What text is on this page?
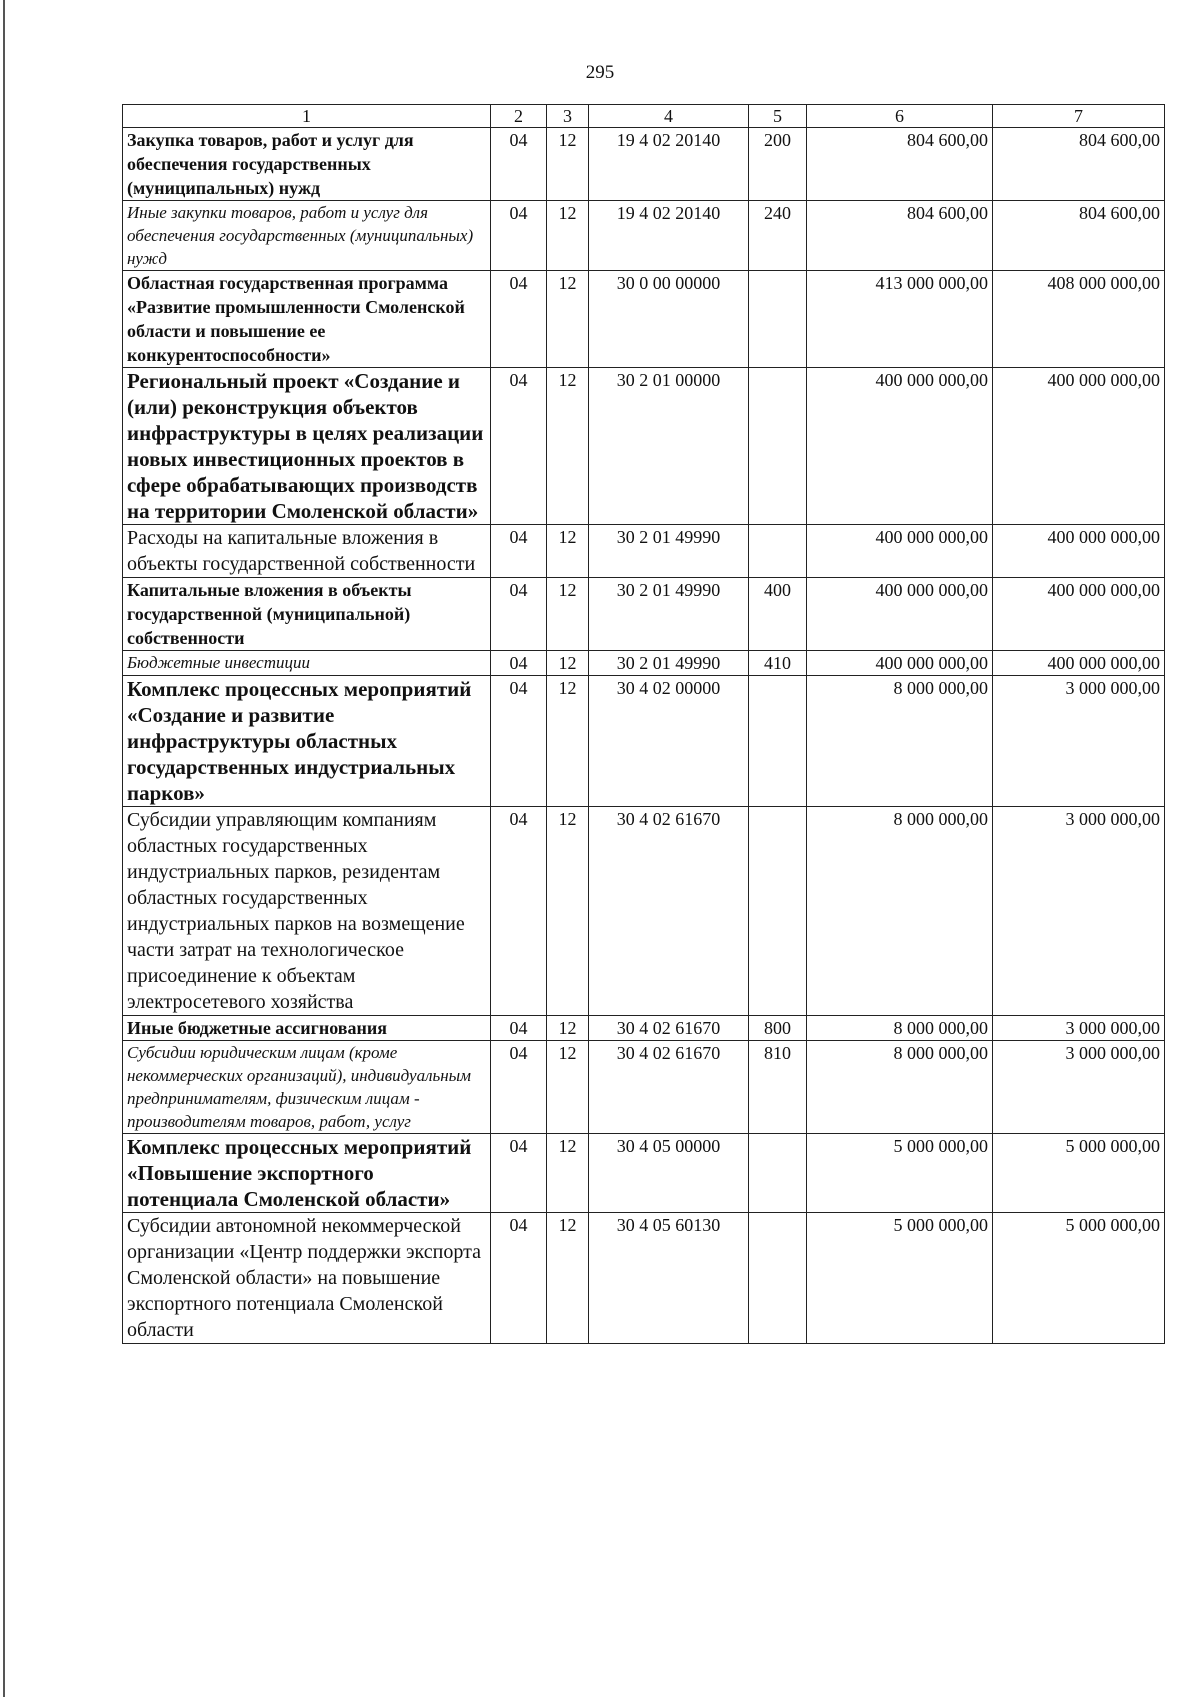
295
1	2	3	4	5	6	7
Закупка товаров, работ и услуг для обеспечения государственных (муниципальных) нужд	04	12	19 4 02 20140	200	804 600,00	804 600,00
Иные закупки товаров, работ и услуг для обеспечения государственных (муниципальных) нужд	04	12	19 4 02 20140	240	804 600,00	804 600,00
Областная государственная программа «Развитие промышленности Смоленской области и повышение ее конкурентоспособности»	04	12	30 0 00 00000		413 000 000,00	408 000 000,00
Региональный проект «Создание и (или) реконструкция объектов инфраструктуры в целях реализации новых инвестиционных проектов в сфере обрабатывающих производств на территории Смоленской области»	04	12	30 2 01 00000		400 000 000,00	400 000 000,00
Расходы на капитальные вложения в объекты государственной собственности	04	12	30 2 01 49990		400 000 000,00	400 000 000,00
Капитальные вложения в объекты государственной (муниципальной) собственности	04	12	30 2 01 49990	400	400 000 000,00	400 000 000,00
Бюджетные инвестиции	04	12	30 2 01 49990	410	400 000 000,00	400 000 000,00
Комплекс процессных мероприятий «Создание и развитие инфраструктуры областных государственных индустриальных парков»	04	12	30 4 02 00000		8 000 000,00	3 000 000,00
Субсидии управляющим компаниям областных государственных индустриальных парков, резидентам областных государственных индустриальных парков на возмещение части затрат на технологическое присоединение к объектам электросетевого хозяйства	04	12	30 4 02 61670		8 000 000,00	3 000 000,00
Иные бюджетные ассигнования	04	12	30 4 02 61670	800	8 000 000,00	3 000 000,00
Субсидии юридическим лицам (кроме некоммерческих организаций), индивидуальным предпринимателям, физическим лицам - производителям товаров, работ, услуг	04	12	30 4 02 61670	810	8 000 000,00	3 000 000,00
Комплекс процессных мероприятий «Повышение экспортного потенциала Смоленской области»	04	12	30 4 05 00000		5 000 000,00	5 000 000,00
Субсидии автономной некоммерческой организации «Центр поддержки экспорта Смоленской области» на повышение экспортного потенциала Смоленской области	04	12	30 4 05 60130		5 000 000,00	5 000 000,00
